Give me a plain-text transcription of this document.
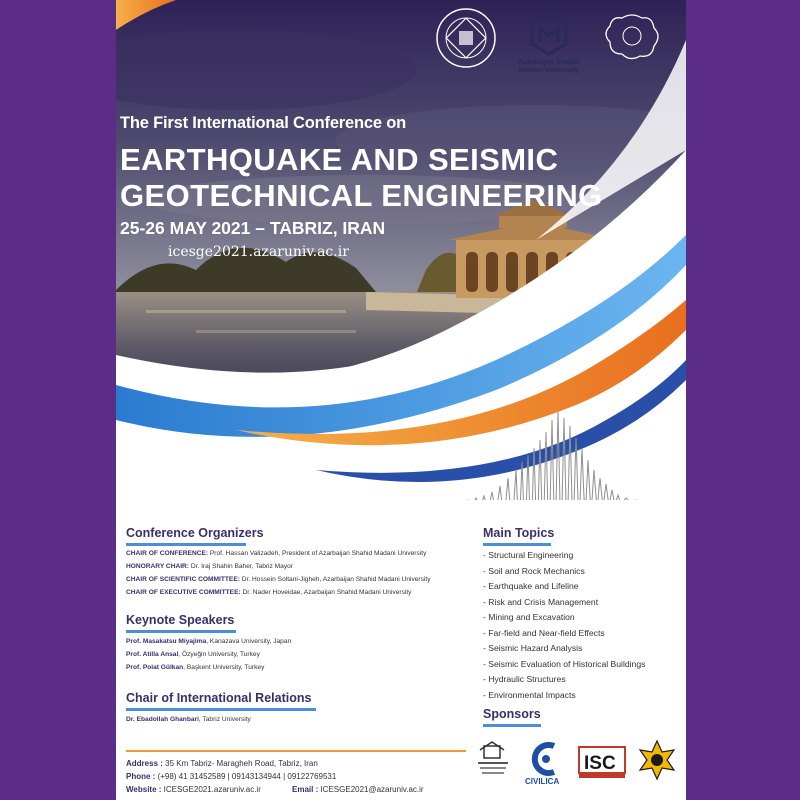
The First International Conference on
EARTHQUAKE AND SEISMIC
GEOTECHNICAL ENGINEERING
25-26 MAY 2021 – TABRIZ, IRAN
icesge2021.azaruniv.ac.ir
Azarbaijan Shahid
Madani University
Conference Organizers
CHAIR OF CONFERENCE: Prof. Hassan Valizadeh, President of Azarbaijan Shahid Madani University
HONORARY CHAIR: Dr. Iraj Shahin Baher, Tabriz Mayor
CHAIR OF SCIENTIFIC COMMITTEE: Dr. Hossein Soltani-Jigheh, Azarbaijan Shahid Madani University
CHAIR OF EXECUTIVE COMMITTEE: Dr. Nader Hoveidae, Azarbaijan Shahid Madani University
Keynote Speakers
Prof. Masakatsu Miyajima, Kanazava University, Japan
Prof. Atilla Ansal, Özyeğin University, Turkey
Prof. Polat Gülkan, Başkent University, Turkey
Chair of International Relations
Dr. Ebadollah Ghanbari, Tabriz University
Main Topics
- Structural Engineering
- Soil and Rock Mechanics
- Earthquake and Lifeline
- Risk and Crisis Management
- Mining and Excavation
- Far-field and Near-field Effects
- Seismic Hazard Analysis
- Seismic Evaluation of Historical Buildings
- Hydraulic Structures
- Environmental Impacts
Sponsors
CIVILICA
ISC
Address : 35 Km Tabriz- Maragheh Road, Tabriz, Iran
Phone : (+98) 41 31452589 | 09143134944 | 09122769531
Website : ICESGE2021.azaruniv.ac.ir	Email : ICESGE2021@azaruniv.ac.ir
